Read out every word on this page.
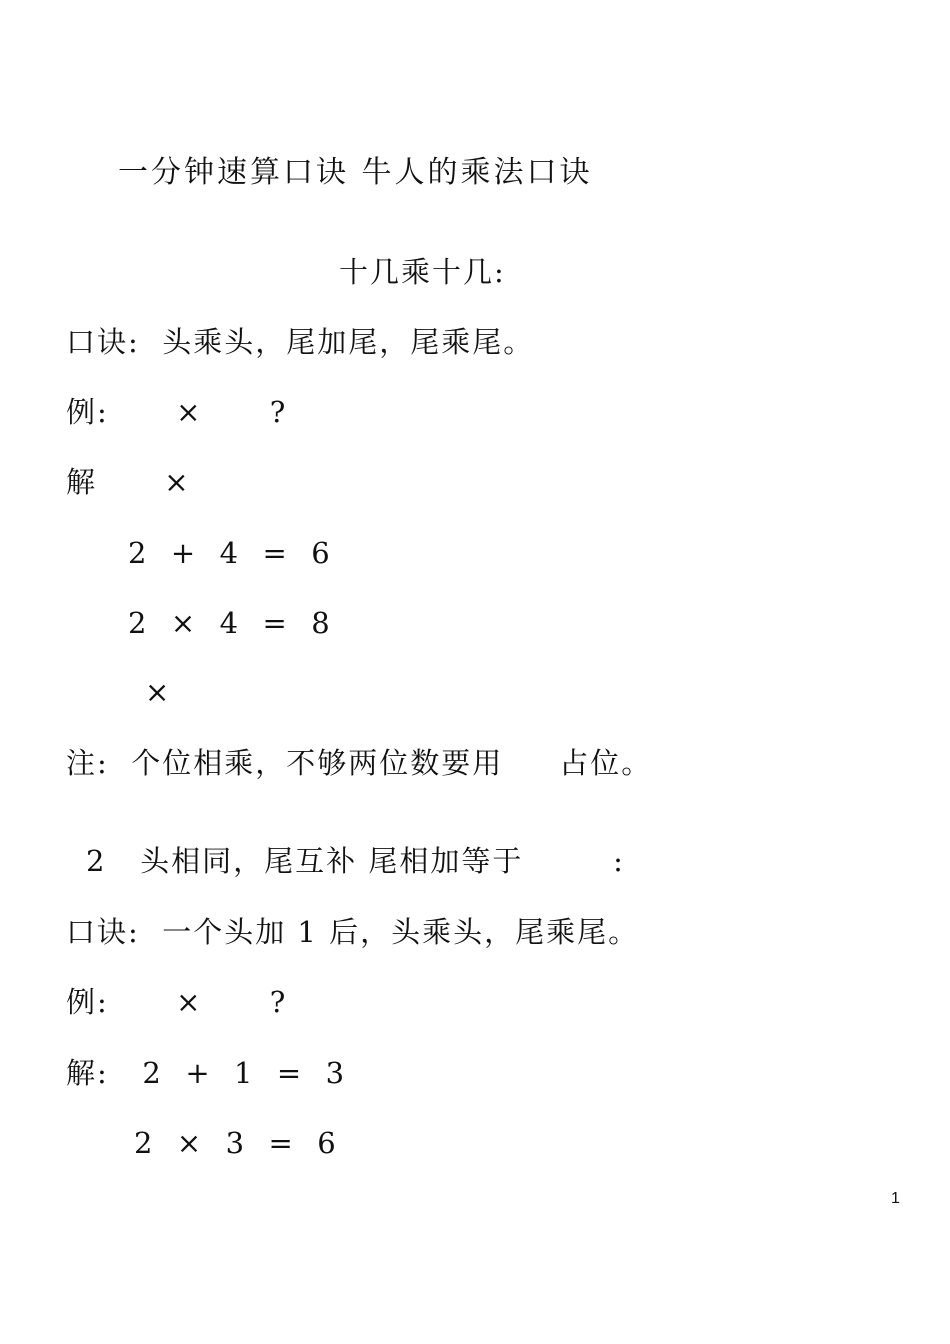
一分钟速算口诀 牛人的乘法口诀
十几乘十几:
口诀:  头乘头，尾加尾，尾乘尾。
例:      ×      ?
解      ×
2  +  4  =  6
2  ×  4  =  8
×
注:  个位相乘，不够两位数要用     占位。
2   头相同，尾互补 尾相加等于        :
口诀:  一个头加 1 后，头乘头，尾乘尾。
例:      ×      ?
解:   2  +  1  =  3
2  ×  3  =  6
1
